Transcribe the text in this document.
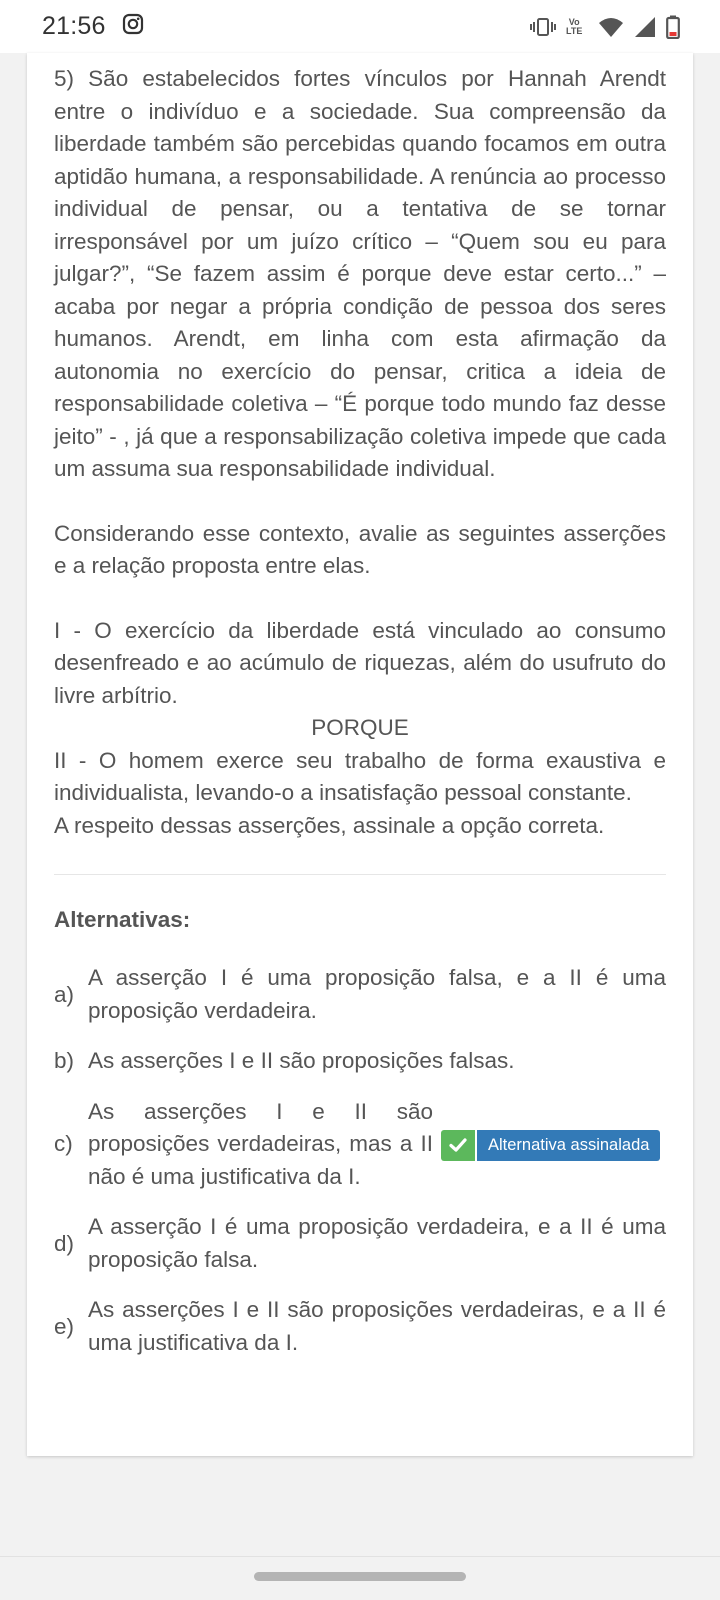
21:56	Vo
LTE

5) São estabelecidos fortes vínculos por Hannah Arendt entre o indivíduo e a sociedade. Sua compreensão da liberdade também são percebidas quando focamos em outra aptidão humana, a responsabilidade. A renúncia ao processo individual de pensar, ou a tentativa de se tornar irresponsável por um juízo crítico – “Quem sou eu para julgar?”, “Se fazem assim é porque deve estar certo...” – acaba por negar a própria condição de pessoa dos seres humanos. Arendt, em linha com esta afirmação da autonomia no exercício do pensar, critica a ideia de responsabilidade coletiva – “É porque todo mundo faz desse jeito” - , já que a responsabilização coletiva impede que cada um assuma sua responsabilidade individual.

Considerando esse contexto, avalie as seguintes asserções e a relação proposta entre elas.

I - O exercício da liberdade está vinculado ao consumo desenfreado e ao acúmulo de riquezas, além do usufruto do livre arbítrio.

PORQUE

II - O homem exerce seu trabalho de forma exaustiva e individualista, levando-o a insatisfação pessoal constante.

A respeito dessas asserções, assinale a opção correta.

Alternativas:

a)
A asserção I é uma proposição falsa, e a II é uma proposição verdadeira.
b) As asserções I e II são proposições falsas.
c)
As asserções I e II são proposições verdadeiras, mas a II não é uma justificativa da I.
Alternativa assinalada
d)
A asserção I é uma proposição verdadeira, e a II é uma proposição falsa.
e)
As asserções I e II são proposições verdadeiras, e a II é uma justificativa da I.
